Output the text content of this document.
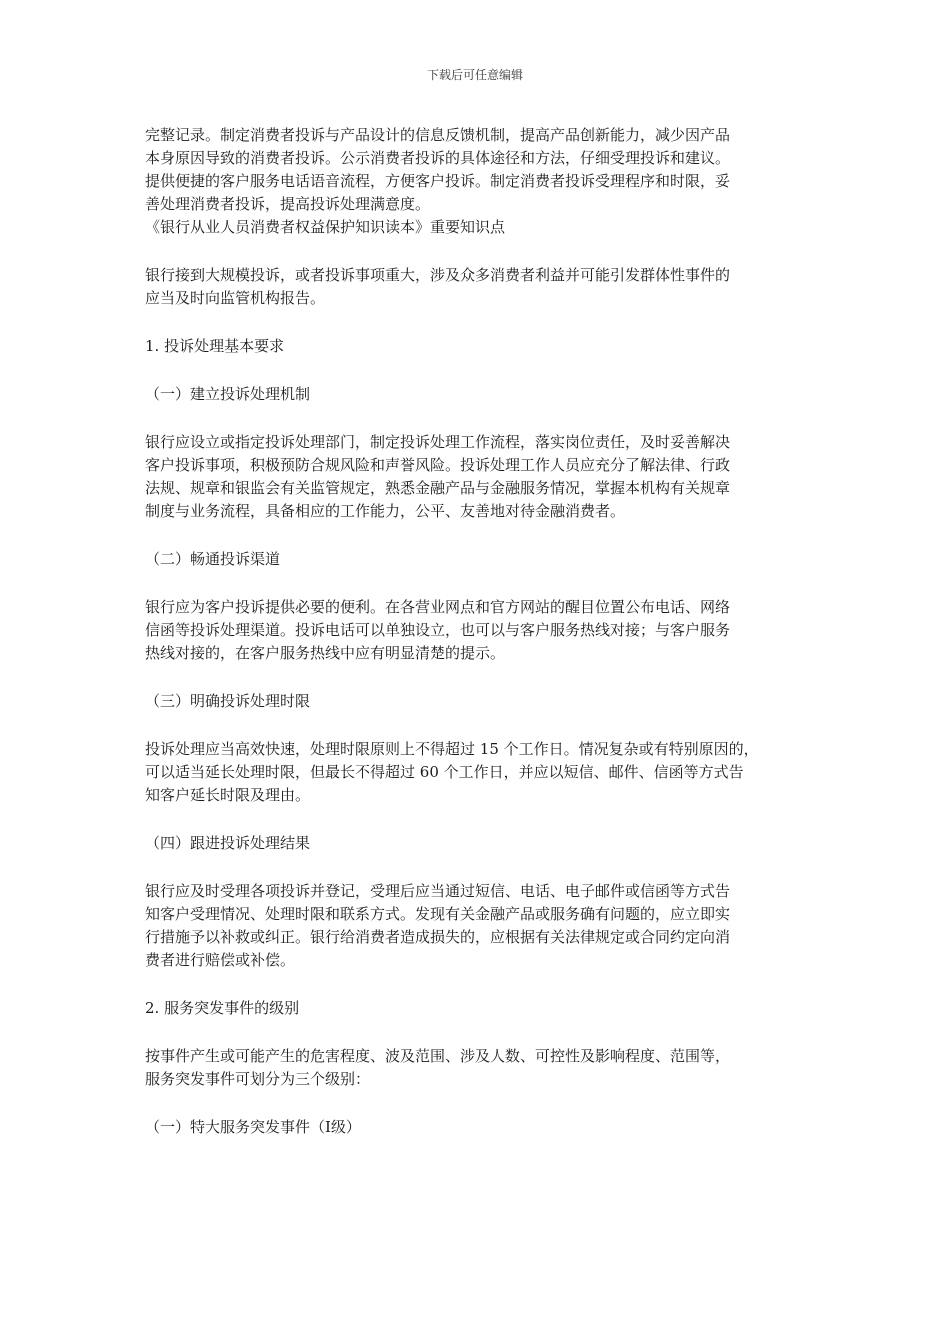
下载后可任意编辑
完整记录。制定消费者投诉与产品设计的信息反馈机制，提高产品创新能力，减少因产品
本身原因导致的消费者投诉。公示消费者投诉的具体途径和方法，仔细受理投诉和建议。
提供便捷的客户服务电话语音流程，方便客户投诉。制定消费者投诉受理程序和时限，妥
善处理消费者投诉，提高投诉处理满意度。
《银行从业人员消费者权益保护知识读本》重要知识点
银行接到大规模投诉，或者投诉事项重大，涉及众多消费者利益并可能引发群体性事件的
应当及时向监管机构报告。
1. 投诉处理基本要求
（一）建立投诉处理机制
银行应设立或指定投诉处理部门，制定投诉处理工作流程，落实岗位责任，及时妥善解决
客户投诉事项，积极预防合规风险和声誉风险。投诉处理工作人员应充分了解法律、行政
法规、规章和银监会有关监管规定，熟悉金融产品与金融服务情况，掌握本机构有关规章
制度与业务流程，具备相应的工作能力，公平、友善地对待金融消费者。
（二）畅通投诉渠道
银行应为客户投诉提供必要的便利。在各营业网点和官方网站的醒目位置公布电话、网络
信函等投诉处理渠道。投诉电话可以单独设立，也可以与客户服务热线对接；与客户服务
热线对接的，在客户服务热线中应有明显清楚的提示。
（三）明确投诉处理时限
投诉处理应当高效快速，处理时限原则上不得超过 15 个工作日。情况复杂或有特别原因的，
可以适当延长处理时限，但最长不得超过 60 个工作日，并应以短信、邮件、信函等方式告
知客户延长时限及理由。
（四）跟进投诉处理结果
银行应及时受理各项投诉并登记，受理后应当通过短信、电话、电子邮件或信函等方式告
知客户受理情况、处理时限和联系方式。发现有关金融产品或服务确有问题的，应立即实
行措施予以补救或纠正。银行给消费者造成损失的，应根据有关法律规定或合同约定向消
费者进行赔偿或补偿。
2. 服务突发事件的级别
按事件产生或可能产生的危害程度、波及范围、涉及人数、可控性及影响程度、范围等，
服务突发事件可划分为三个级别：
（一）特大服务突发事件（Ⅰ级）
